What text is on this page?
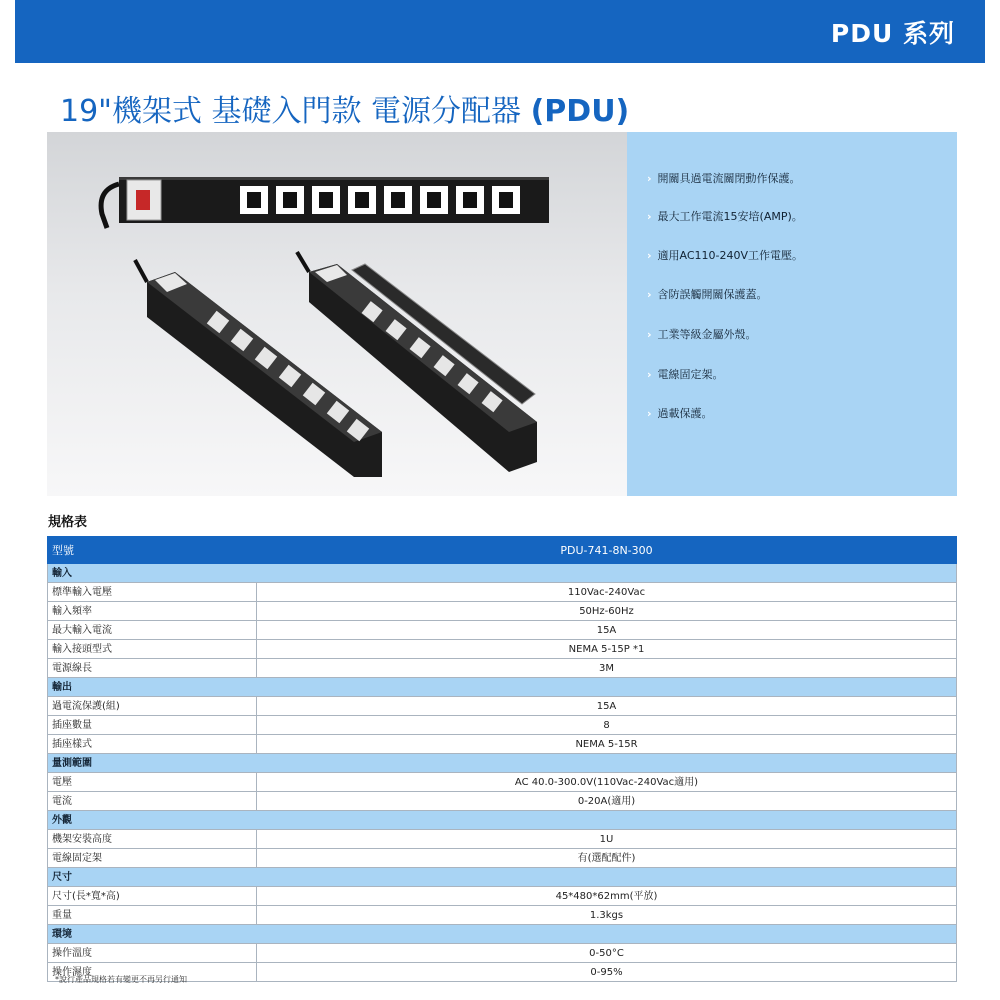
PDU 系列
19"機架式 基礎入門款 電源分配器 (PDU)
› 開關具過電流關閉動作保護。
› 最大工作電流15安培(AMP)。
› 適用AC110-240V工作電壓。
› 含防誤觸開關保護蓋。
› 工業等級金屬外殼。
› 電線固定架。
› 過載保護。
規格表
型號	PDU-741-8N-300
輸入	
標準輸入電壓	110Vac-240Vac
輸入頻率	50Hz-60Hz
最大輸入電流	15A
輸入接頭型式	NEMA 5-15P *1
電源線長	3M
輸出	
過電流保護(組)	15A
插座數量	8
插座樣式	NEMA 5-15R
量測範圍	
電壓	AC 40.0-300.0V(110Vac-240Vac適用)
電流	0-20A(適用)
外觀	
機架安裝高度	1U
電線固定架	有(選配配件)
尺寸	
尺寸(長*寬*高)	45*480*62mm(平放)
重量	1.3kgs
環境	
操作溫度	0-50°C
操作濕度	0-95%
*說行產品規格若有變更不再另行通知
